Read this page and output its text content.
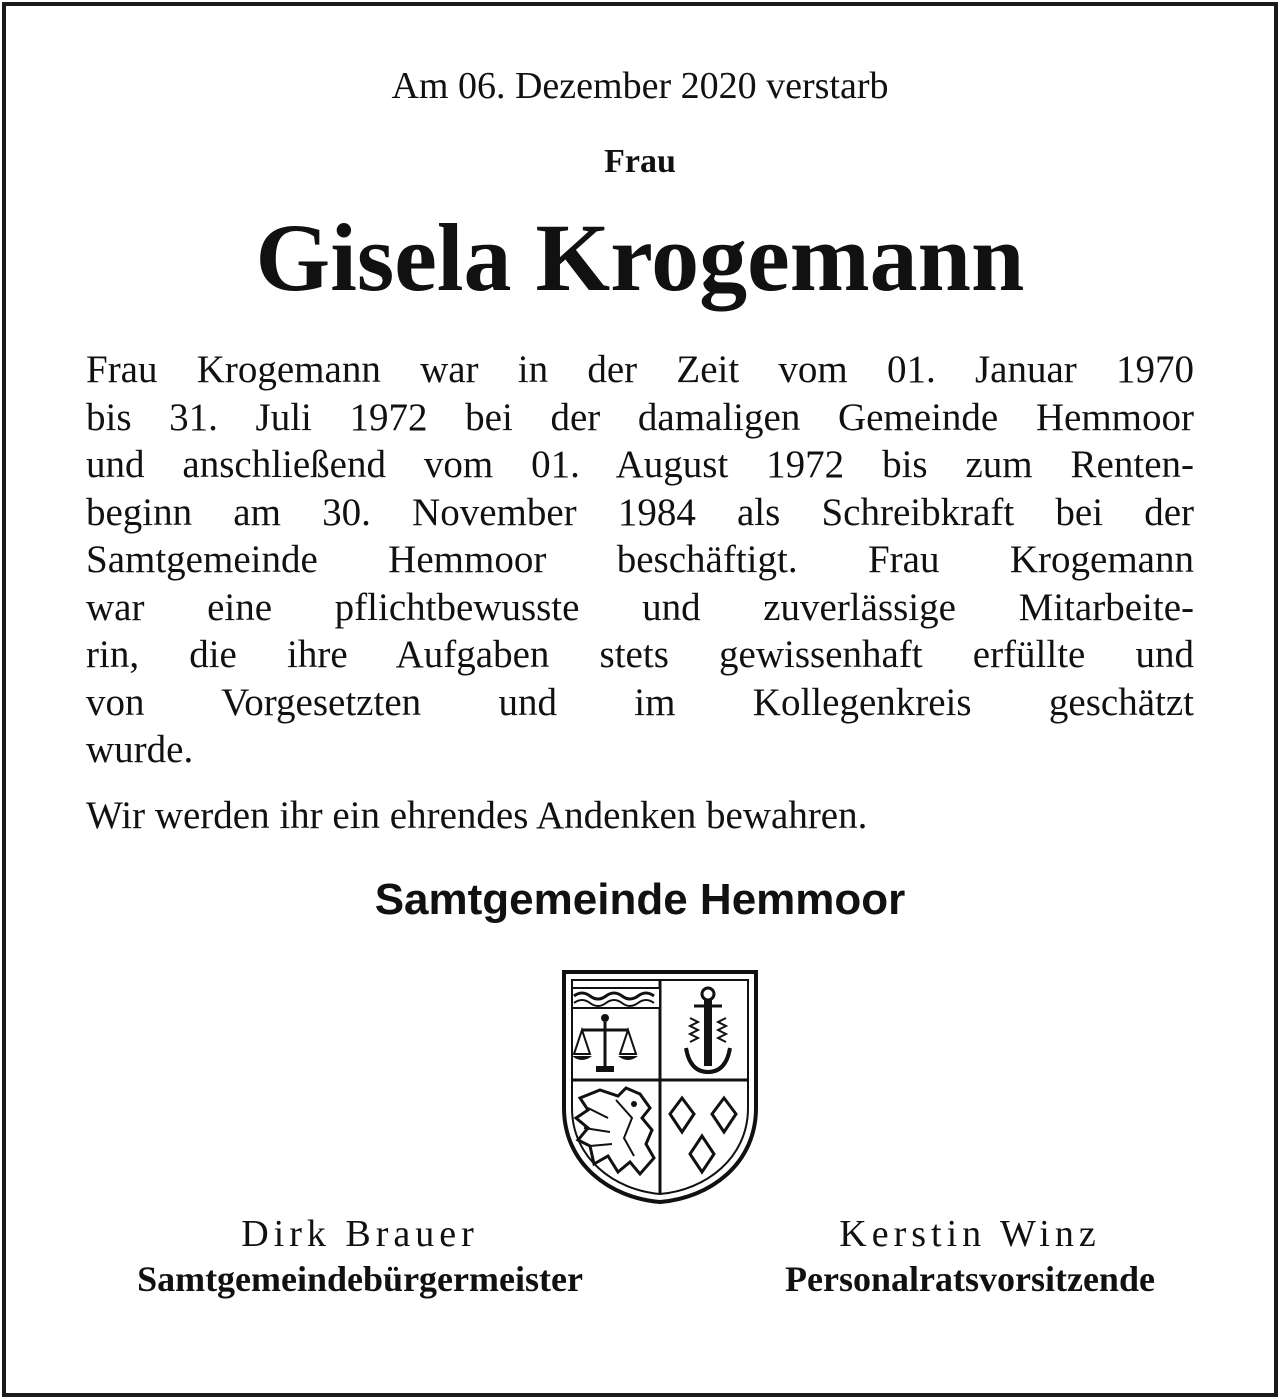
Am 06. Dezember 2020 verstarb
Frau
Gisela Krogemann
Frau Krogemann war in der Zeit vom 01. Januar 1970
bis 31. Juli 1972 bei der damaligen Gemeinde Hemmoor
und anschließend vom 01. August 1972 bis zum Renten-
beginn am 30. November 1984 als Schreibkraft bei der
Samtgemeinde Hemmoor beschäftigt. Frau Krogemann
war eine pflichtbewusste und zuverlässige Mitarbeite-
rin, die ihre Aufgaben stets gewissenhaft erfüllte und
von Vorgesetzten und im Kollegenkreis geschätzt
wurde.
Wir werden ihr ein ehrendes Andenken bewahren.
Samtgemeinde Hemmoor
Dirk Brauer
Samtgemeindebürgermeister
Kerstin Winz
Personalratsvorsitzende
